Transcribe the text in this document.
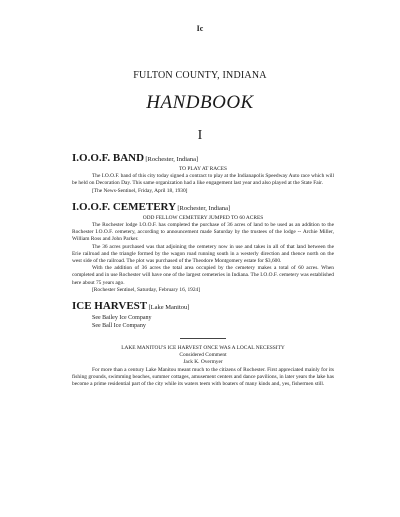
Ic
FULTON COUNTY, INDIANA
HANDBOOK
I

I.O.O.F. BAND [Rochester, Indiana]

TO PLAY AT RACES

The I.O.O.F. band of this city today signed a contract to play at the Indianapolis Speedway Auto race which will be held on Decoration Day. This same organization had a like engagement last year and also played at the State Fair.

[The News-Sentinel, Friday, April 18, 1930]

I.O.O.F. CEMETERY [Rochester, Indiana]

ODD FELLOW CEMETERY JUMPED TO 60 ACRES

The Rochester lodge I.O.O.F. has completed the purchase of 36 acres of land to be used as an addition to the Rochester I.O.O.F. cemetery, according to announcement made Saturday by the trustees of the lodge -- Archie Miller, William Ross and John Parker.

The 36 acres purchased was that adjoining the cemetery now in use and takes in all of that land between the Erie railroad and the triangle formed by the wagon road running south in a westerly direction and thence north on the west side of the railroad. The plot was purchased of the Theodore Montgomery estate for $3,600.

With the addition of 36 acres the total area occupied by the cemetery makes a total of 60 acres. When completed and in use Rochester will have one of the largest cemeteries in Indiana. The I.O.O.F. cemetery was established here about 75 years ago.

[Rochester Sentinel, Saturday, February 16, 1924]

ICE HARVEST [Lake Manitou]

See Bailey Ice Company

See Ball Ice Company

LAKE MANITOU'S ICE HARVEST ONCE WAS A LOCAL NECESSITY
Considered Comment
Jack K. Overmyer

For more than a century Lake Manitou meant much to the citizens of Rochester. First appreciated mainly for its fishing grounds, swimming beaches, summer cottages, amusement centers and dance pavilions, in later years the lake has become a prime residential part of the city while its waters teem with boaters of many kinds and, yes, fishermen still.
